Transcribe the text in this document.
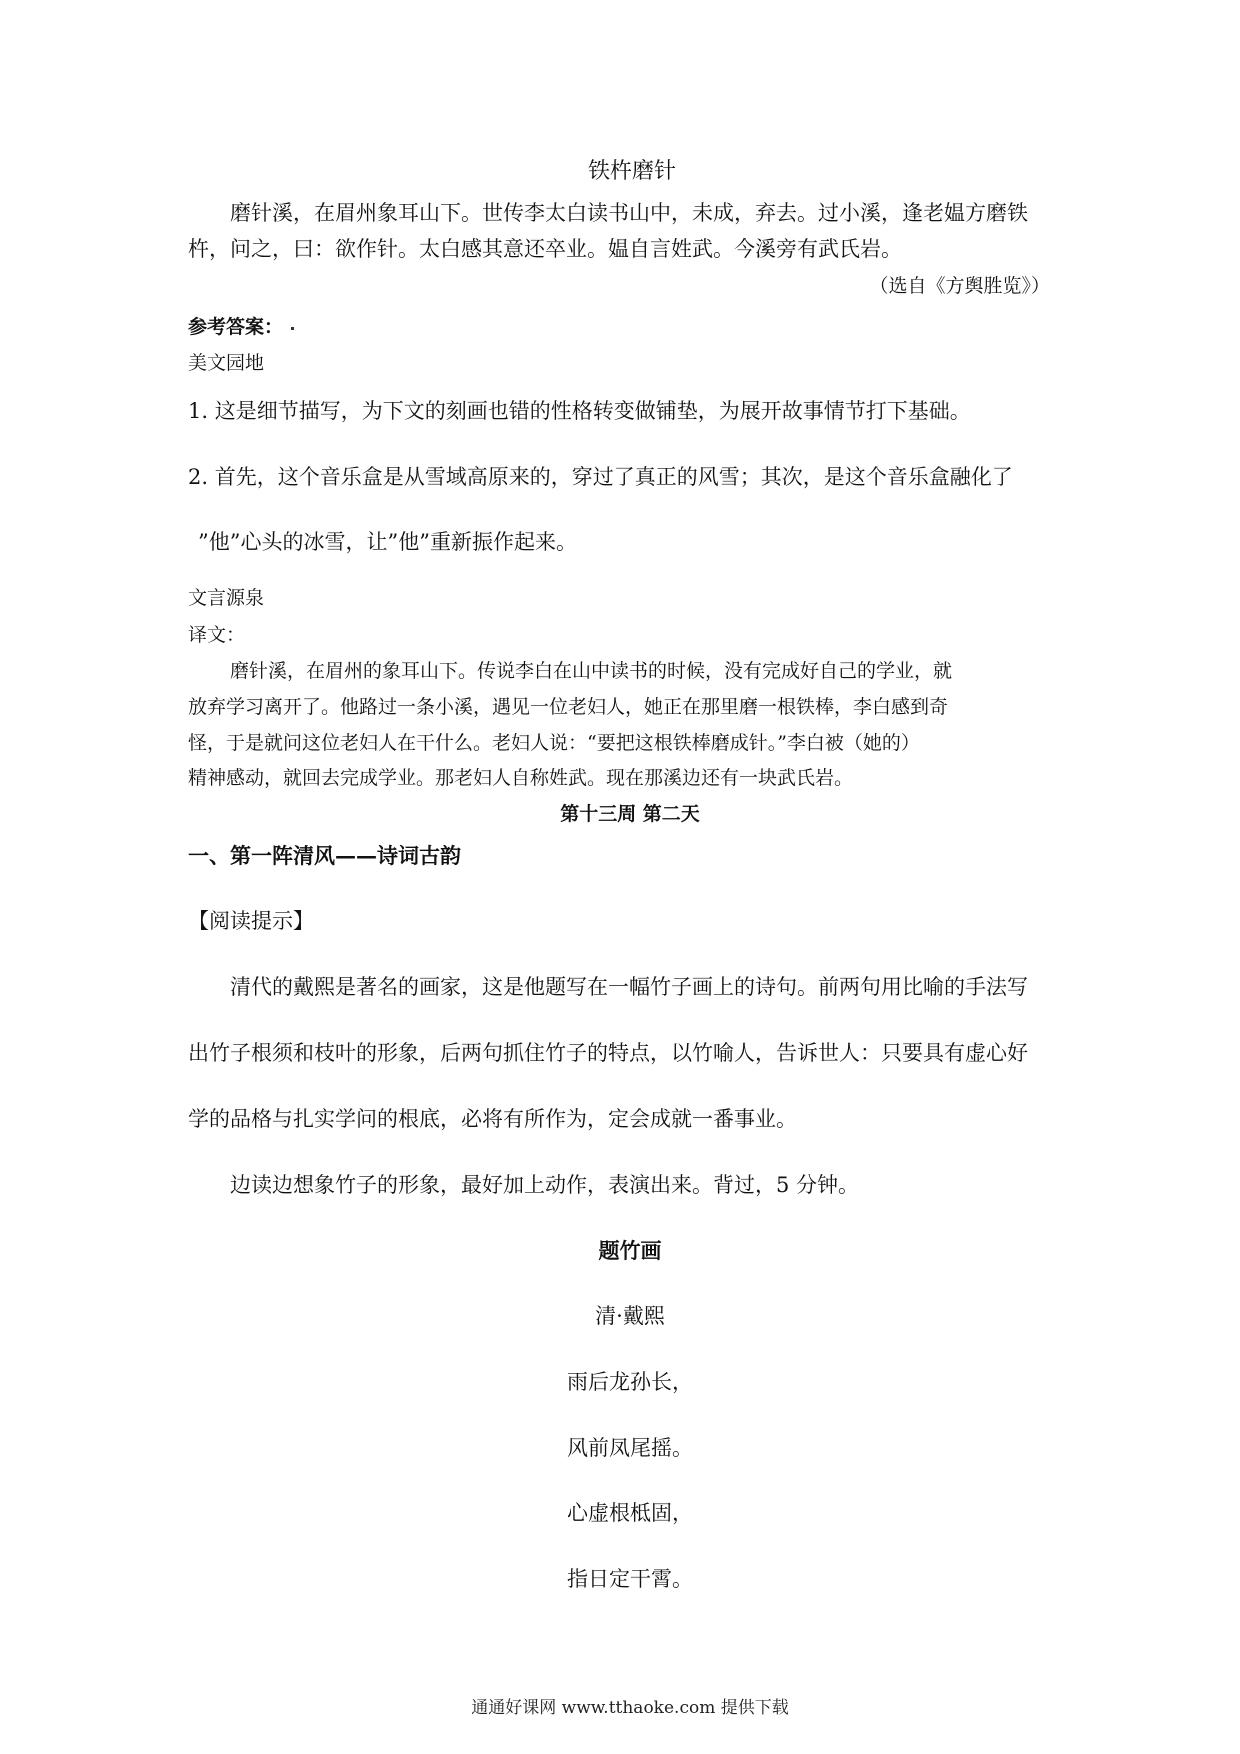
铁杵磨针
磨针溪，在眉州象耳山下。世传李太白读书山中，未成，弃去。过小溪，逢老媪方磨铁
杵，问之，曰：欲作针。太白感其意还卒业。媪自言姓武。今溪旁有武氏岩。
（选自《方舆胜览》）
参考答案：
美文园地
1. 这是细节描写，为下文的刻画也错的性格转变做铺垫，为展开故事情节打下基础。
2. 首先，这个音乐盒是从雪域高原来的，穿过了真正的风雪；其次，是这个音乐盒融化了
”他”心头的冰雪，让”他”重新振作起来。
文言源泉
译文：
磨针溪，在眉州的象耳山下。传说李白在山中读书的时候，没有完成好自己的学业，就
放弃学习离开了。他路过一条小溪，遇见一位老妇人，她正在那里磨一根铁棒，李白感到奇
怪，于是就问这位老妇人在干什么。老妇人说：“要把这根铁棒磨成针。”李白被（她的）
精神感动，就回去完成学业。那老妇人自称姓武。现在那溪边还有一块武氏岩。
第十三周 第二天
一、第一阵清风——诗词古韵
【阅读提示】
清代的戴熙是著名的画家，这是他题写在一幅竹子画上的诗句。前两句用比喻的手法写
出竹子根须和枝叶的形象，后两句抓住竹子的特点，以竹喻人，告诉世人：只要具有虚心好
学的品格与扎实学问的根底，必将有所作为，定会成就一番事业。
边读边想象竹子的形象，最好加上动作，表演出来。背过，5 分钟。
题竹画
清·戴熙
雨后龙孙长，
风前凤尾摇。
心虚根柢固，
指日定干霄。
通通好课网 www.tthaoke.com 提供下载
